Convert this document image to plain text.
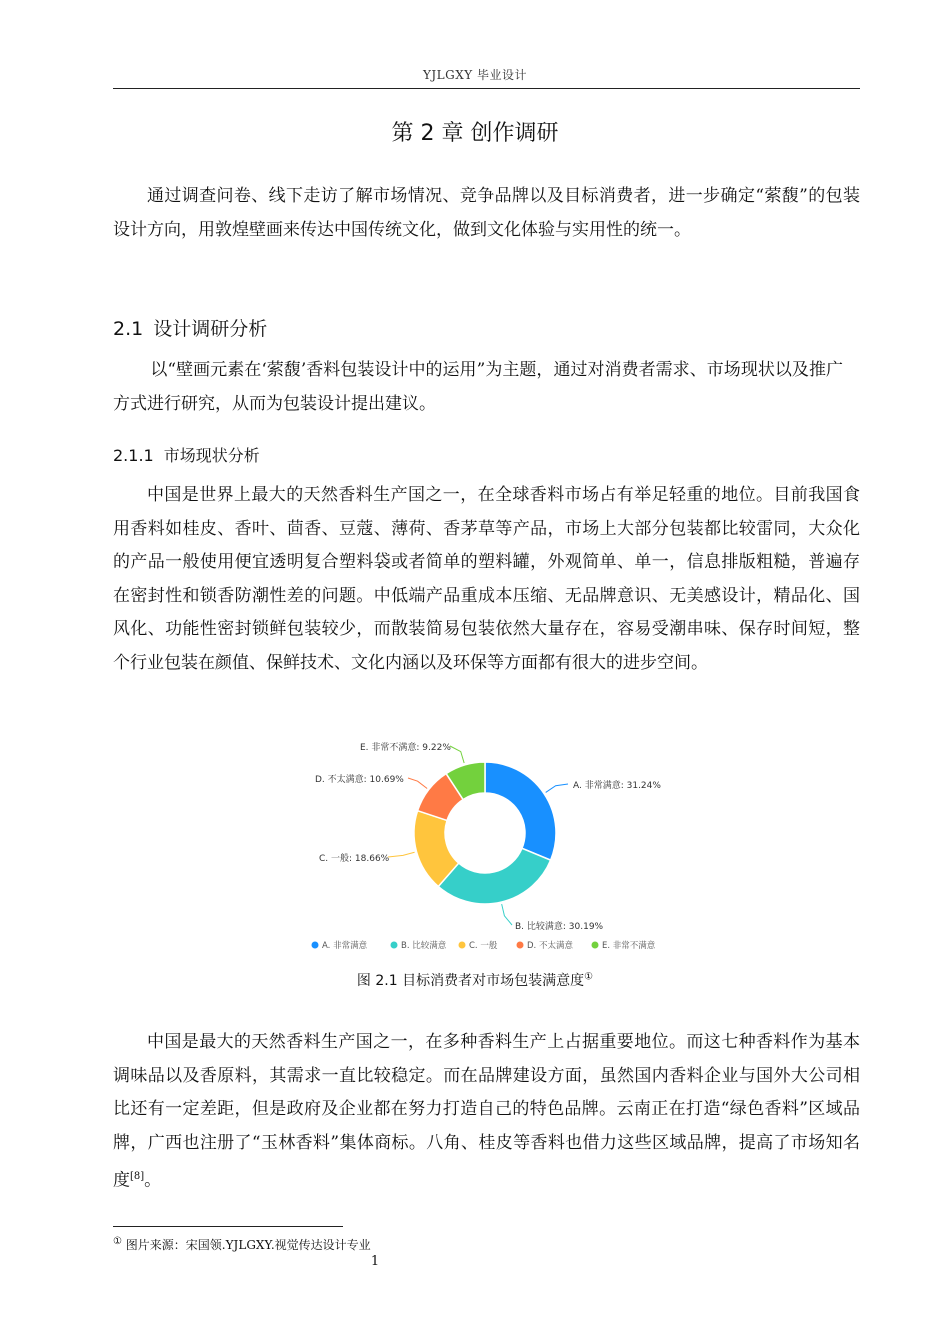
YJLGXY 毕业设计
第 2 章 创作调研

通过调查问卷、线下走访了解市场情况、竞争品牌以及目标消费者，进一步确定“萦馥”的包装设计方向，用敦煌壁画来传达中国传统文化，做到文化体验与实用性的统一。

2.1 设计调研分析

以“壁画元素在‘萦馥’香料包装设计中的运用”为主题，通过对消费者需求、市场现状以及推广方式进行研究，从而为包装设计提出建议。

2.1.1 市场现状分析

中国是世界上最大的天然香料生产国之一，在全球香料市场占有举足轻重的地位。目前我国食用香料如桂皮、香叶、茴香、豆蔻、薄荷、香茅草等产品，市场上大部分包装都比较雷同，大众化的产品一般使用便宜透明复合塑料袋或者简单的塑料罐，外观简单、单一，信息排版粗糙，普遍存在密封性和锁香防潮性差的问题。中低端产品重成本压缩、无品牌意识、无美感设计，精品化、国风化、功能性密封锁鲜包装较少，而散装简易包装依然大量存在，容易受潮串味、保存时间短，整个行业包装在颜值、保鲜技术、文化内涵以及环保等方面都有很大的进步空间。

A. 非常满意: 31.24%
B. 比较满意: 30.19%
C. 一般: 18.66%
D. 不太满意: 10.69%
E. 非常不满意: 9.22%
A. 非常满意	B. 比较满意	C. 一般	D. 不太满意	E. 非常不满意
图 2.1 目标消费者对市场包装满意度①

中国是最大的天然香料生产国之一，在多种香料生产上占据重要地位。而这七种香料作为基本调味品以及香原料，其需求一直比较稳定。而在品牌建设方面，虽然国内香料企业与国外大公司相比还有一定差距，但是政府及企业都在努力打造自己的特色品牌。云南正在打造“绿色香料”区域品牌，广西也注册了“玉林香料”集体商标。八角、桂皮等香料也借力这些区域品牌，提高了市场知名度[8]。

① 图片来源：宋国领.YJLGXY.视觉传达设计专业
1
